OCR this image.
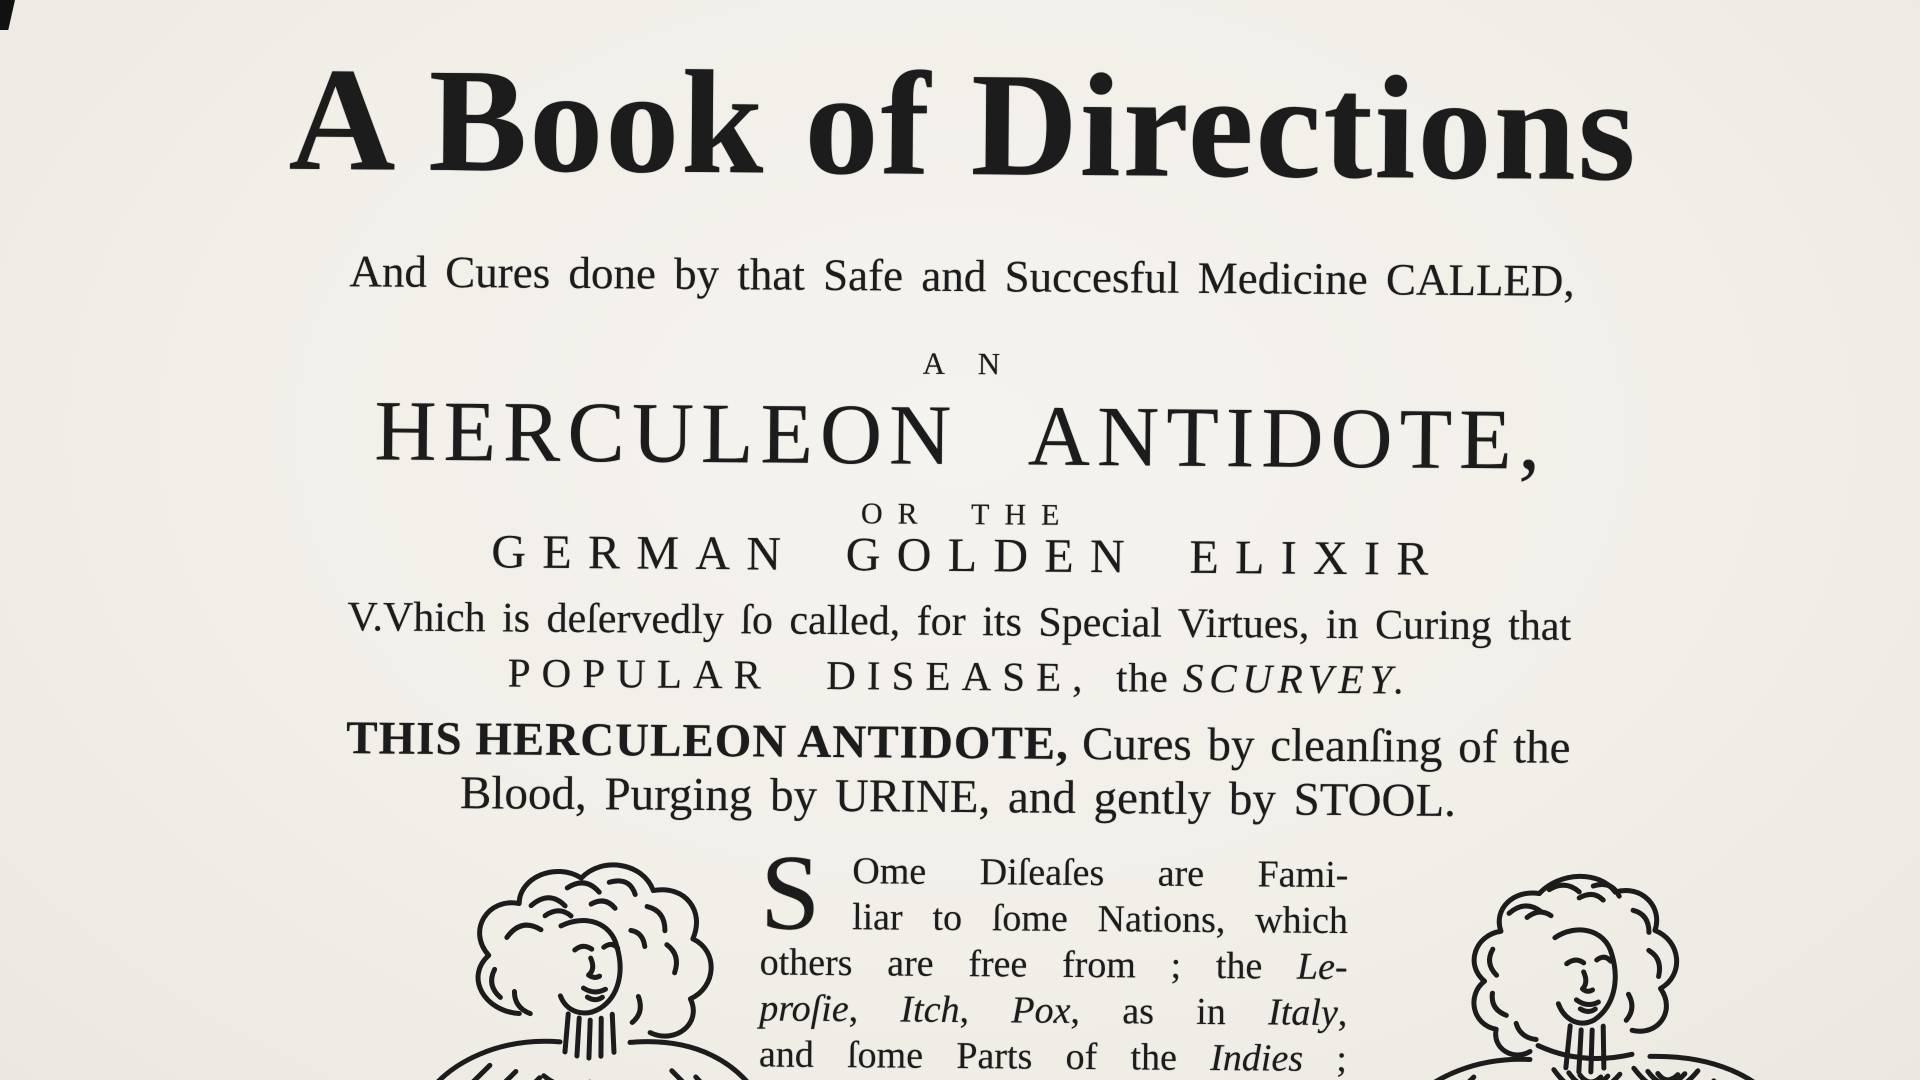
A Book of Directions
And Cures done by that Safe and Succesful Medicine CALLED,
AN
HERCULEON ANTIDOTE,
OR THE
GERMAN GOLDEN ELIXIR
V.Vhich is deſervedly ſo called, for its Special Virtues, in Curing that
POPULAR DISEASE, the SCURVEY.
THIS HERCULEON ANTIDOTE, Cures by cleanſing of the
Blood, Purging by URINE, and gently by STOOL.
S Ome Diſeaſes are Fami-
liar to ſome Nations, which
others are free from ; the Le-
proſie, Itch, Pox, as in Italy,
and ſome Parts of the Indies ;
